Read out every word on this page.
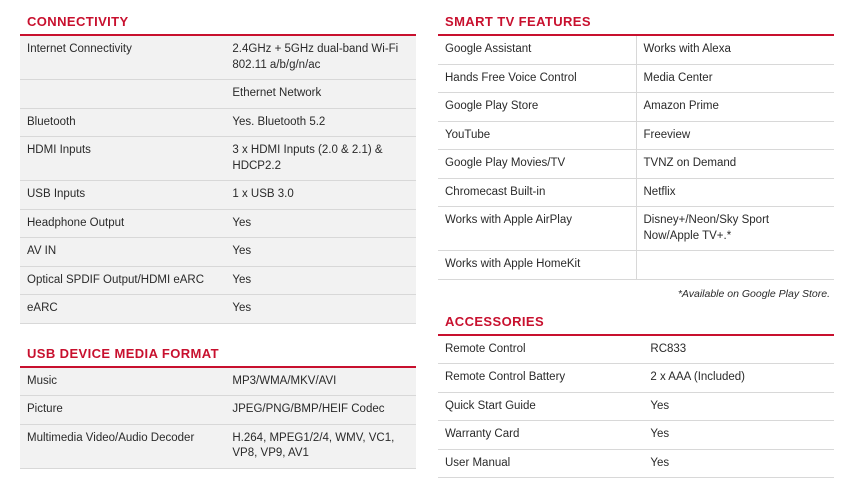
CONNECTIVITY
Internet Connectivity	2.4GHz + 5GHz dual-band Wi-Fi 802.11 a/b/g/n/ac
	Ethernet Network
Bluetooth	Yes. Bluetooth 5.2
HDMI Inputs	3 x HDMI Inputs (2.0 & 2.1) & HDCP2.2
USB Inputs	1 x USB 3.0
Headphone Output	Yes
AV IN	Yes
Optical SPDIF Output/HDMI eARC	Yes
eARC	Yes
USB DEVICE MEDIA FORMAT
Music	MP3/WMA/MKV/AVI
Picture	JPEG/PNG/BMP/HEIF Codec
Multimedia Video/Audio Decoder	H.264, MPEG1/2/4, WMV, VC1, VP8, VP9, AV1
SMART TV FEATURES
Google Assistant	Works with Alexa
Hands Free Voice Control	Media Center
Google Play Store	Amazon Prime
YouTube	Freeview
Google Play Movies/TV	TVNZ on Demand
Chromecast Built-in	Netflix
Works with Apple AirPlay	Disney+/Neon/Sky Sport Now/Apple TV+.*
Works with Apple HomeKit	
*Available on Google Play Store.
ACCESSORIES
Remote Control	RC833
Remote Control Battery	2 x AAA (Included)
Quick Start Guide	Yes
Warranty Card	Yes
User Manual	Yes
